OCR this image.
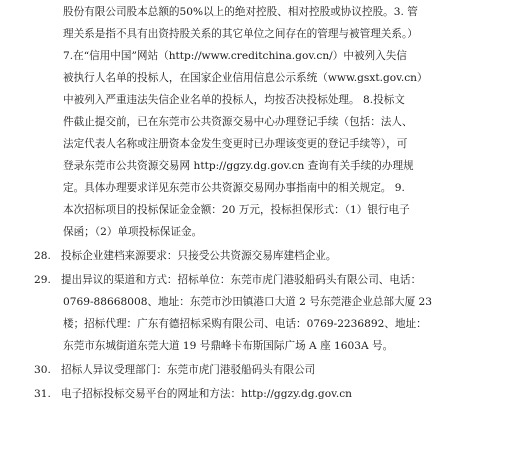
股份有限公司股本总额的50%以上的绝对控股、相对控股或协议控股。3. 管
理关系是指不具有出资持股关系的其它单位之间存在的管理与被管理关系。）
7.在“信用中国”网站（http://www.creditchina.gov.cn/）中被列入失信
被执行人名单的投标人，在国家企业信用信息公示系统（www.gsxt.gov.cn）
中被列入严重违法失信企业名单的投标人，均按否决投标处理。 8.投标文
件截止提交前，已在东莞市公共资源交易中心办理登记手续（包括：法人、
法定代表人名称或注册资本金发生变更时已办理该变更的登记手续等），可
登录东莞市公共资源交易网 http://ggzy.dg.gov.cn 查询有关手续的办理规
定。具体办理要求详见东莞市公共资源交易网办事指南中的相关规定。 9.
本次招标项目的投标保证金金额：20 万元，投标担保形式：（1）银行电子
保函；（2）单项投标保证金。
28. 投标企业建档来源要求：只接受公共资源交易库建档企业。
29. 提出异议的渠道和方式：招标单位：东莞市虎门港驳船码头有限公司、电话：
0769-88668008、地址：东莞市沙田镇港口大道 2 号东莞港企业总部大厦 23
楼；招标代理：广东有德招标采购有限公司、电话：0769-2236892、地址：
东莞市东城街道东莞大道 19 号鼎峰卡布斯国际广场 A 座 1603A 号。
30. 招标人异议受理部门：东莞市虎门港驳船码头有限公司
31. 电子招标投标交易平台的网址和方法：http://ggzy.dg.gov.cn
